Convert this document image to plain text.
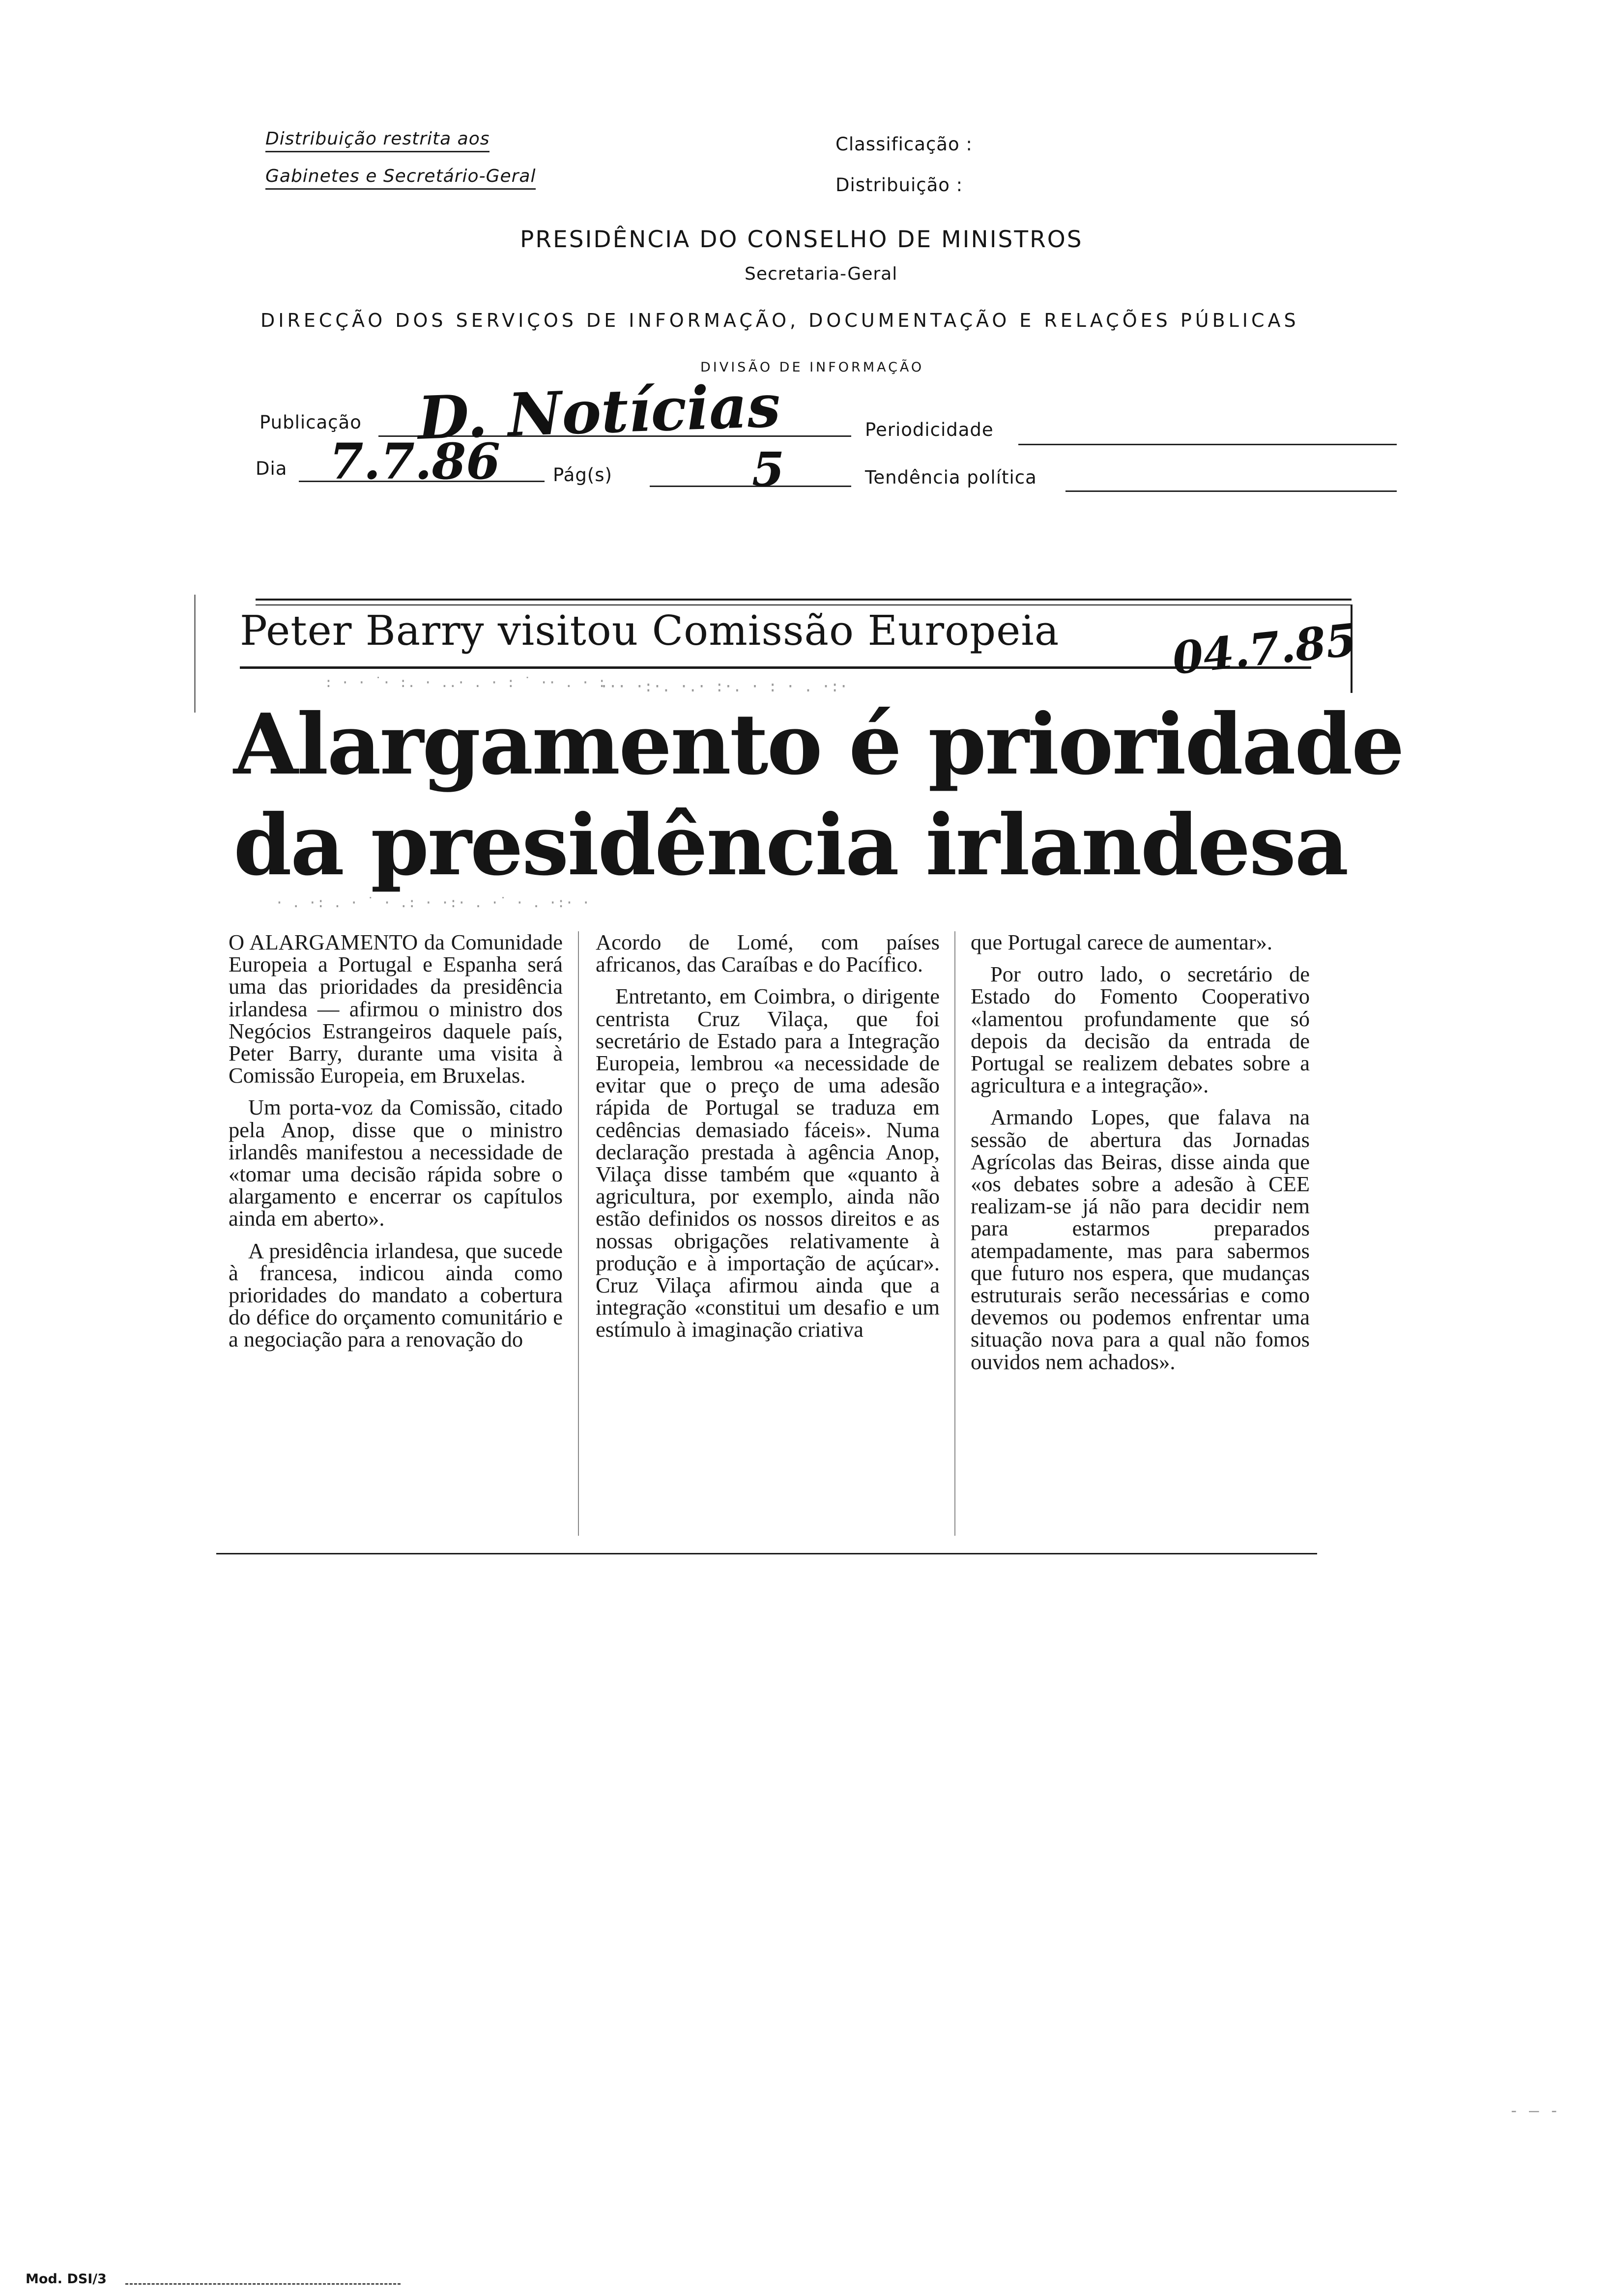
Distribuição restrita aos
Gabinetes e Secretário-Geral
Classificação :
Distribuição :
PRESIDÊNCIA DO CONSELHO DE MINISTROS
Secretaria-Geral
DIRECÇÃO DOS SERVIÇOS DE INFORMAÇÃO, DOCUMENTAÇÃO E RELAÇÕES PÚBLICAS
DIVISÃO DE INFORMAÇÃO
Publicação D. Notícias	Periodicidade
Dia 7.7.86	Pág(s)	5	Tendência política
Peter Barry visitou Comissão Europeia	04.7.85
: · · ˙· :. · ..· . · : ˙ ·· . · :
··· ·:·. ·.· :·. · : · . ·:·
Alargamento é prioridade
da presidência irlandesa
· . ·: . · ˙ · .: · ·:· . ·˙ · . ·:· ·

O ALARGAMENTO da Comunidade Europeia a Portugal e Espanha será uma das prioridades da presidência irlandesa — afirmou o ministro dos Negócios Estrangeiros daquele país, Peter Barry, durante uma visita à Comissão Europeia, em Bruxelas.

Um porta-voz da Comissão, citado pela Anop, disse que o ministro irlandês manifestou a necessidade de «tomar uma decisão rápida sobre o alargamento e encerrar os capítulos ainda em aberto».

A presidência irlandesa, que sucede à francesa, indicou ainda como prioridades do mandato a cobertura do défice do orçamento comunitário e a negociação para a renovação do

Acordo de Lomé, com países africanos, das Caraíbas e do Pacífico.

Entretanto, em Coimbra, o dirigente centrista Cruz Vilaça, que foi secretário de Estado para a Integração Europeia, lembrou «a necessidade de evitar que o preço de uma adesão rápida de Portugal se traduza em cedências demasiado fáceis». Numa declaração prestada à agência Anop, Vilaça disse também que «quanto à agricultura, por exemplo, ainda não estão definidos os nossos direitos e as nossas obrigações relativamente à produção e à importação de açúcar». Cruz Vilaça afirmou ainda que a integração «constitui um desafio e um estímulo à imaginação criativa

que Portugal carece de aumentar».

Por outro lado, o secretário de Estado do Fomento Cooperativo «lamentou profundamente que só depois da decisão da entrada de Portugal se realizem debates sobre a agricultura e a integração».

Armando Lopes, que falava na sessão de abertura das Jornadas Agrícolas das Beiras, disse ainda que «os debates sobre a adesão à CEE realizam-se já não para decidir nem para estarmos preparados atempadamente, mas para sabermos que futuro nos espera, que mudanças estruturais serão necessárias e como devemos ou podemos enfrentar uma situação nova para a qual não fomos ouvidos nem achados».

Mod. DSI/3
- — -
